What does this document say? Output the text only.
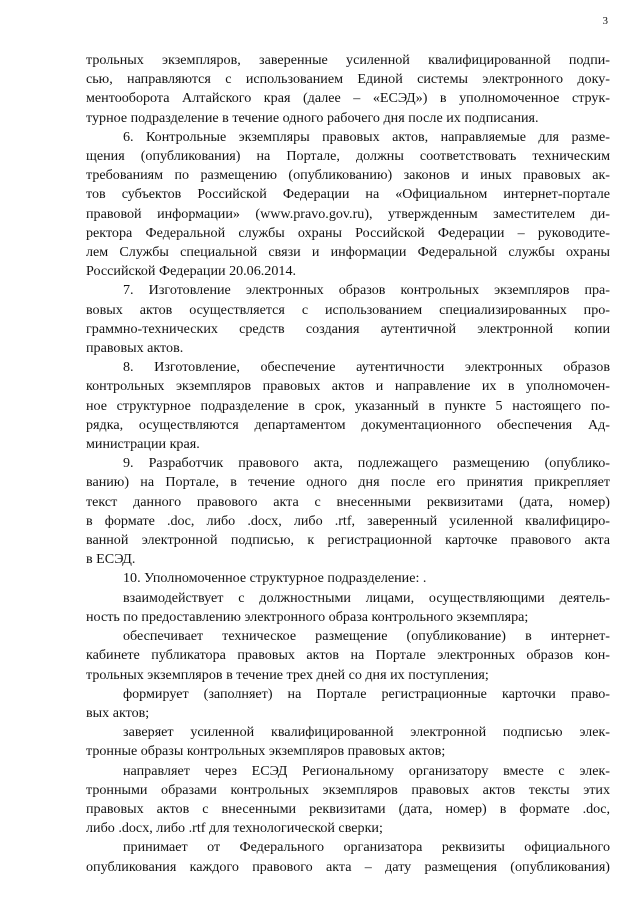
3
трольных экземпляров, заверенные усиленной квалифицированной подпи-
сью, направляются с использованием Единой системы электронного доку-
ментооборота Алтайского края (далее – «ЕСЭД») в уполномоченное струк-
турное подразделение в течение одного рабочего дня после их подписания.
6. Контрольные экземпляры правовых актов, направляемые для разме-
щения (опубликования) на Портале, должны соответствовать техническим
требованиям по размещению (опубликованию) законов и иных правовых ак-
тов субъектов Российской Федерации на «Официальном интернет-портале
правовой информации» (www.pravo.gov.ru), утвержденным заместителем ди-
ректора Федеральной службы охраны Российской Федерации – руководите-
лем Службы специальной связи и информации Федеральной службы охраны
Российской Федерации 20.06.2014.
7. Изготовление электронных образов контрольных экземпляров пра-
вовых актов осуществляется с использованием специализированных про-
граммно-технических средств создания аутентичной электронной копии
правовых актов.
8. Изготовление, обеспечение аутентичности электронных образов
контрольных экземпляров правовых актов и направление их в уполномочен-
ное структурное подразделение в срок, указанный в пункте 5 настоящего по-
рядка, осуществляются департаментом документационного обеспечения Ад-
министрации края.
9. Разработчик правового акта, подлежащего размещению (опублико-
ванию) на Портале, в течение одного дня после его принятия прикрепляет
текст данного правового акта с внесенными реквизитами (дата, номер)
в формате .doc, либо .docx, либо .rtf, заверенный усиленной квалифициро-
ванной электронной подписью, к регистрационной карточке правового акта
в ЕСЭД.
10. Уполномоченное структурное подразделение: .
взаимодействует с должностными лицами, осуществляющими деятель-
ность по предоставлению электронного образа контрольного экземпляра;
обеспечивает техническое размещение (опубликование) в интернет-
кабинете публикатора правовых актов на Портале электронных образов кон-
трольных экземпляров в течение трех дней со дня их поступления;
формирует (заполняет) на Портале регистрационные карточки право-
вых актов;
заверяет усиленной квалифицированной электронной подписью элек-
тронные образы контрольных экземпляров правовых актов;
направляет через ЕСЭД Региональному организатору вместе с элек-
тронными образами контрольных экземпляров правовых актов тексты этих
правовых актов с внесенными реквизитами (дата, номер) в формате .doc,
либо .docx, либо .rtf для технологической сверки;
принимает от Федерального организатора реквизиты официального
опубликования каждого правового акта – дату размещения (опубликования)
